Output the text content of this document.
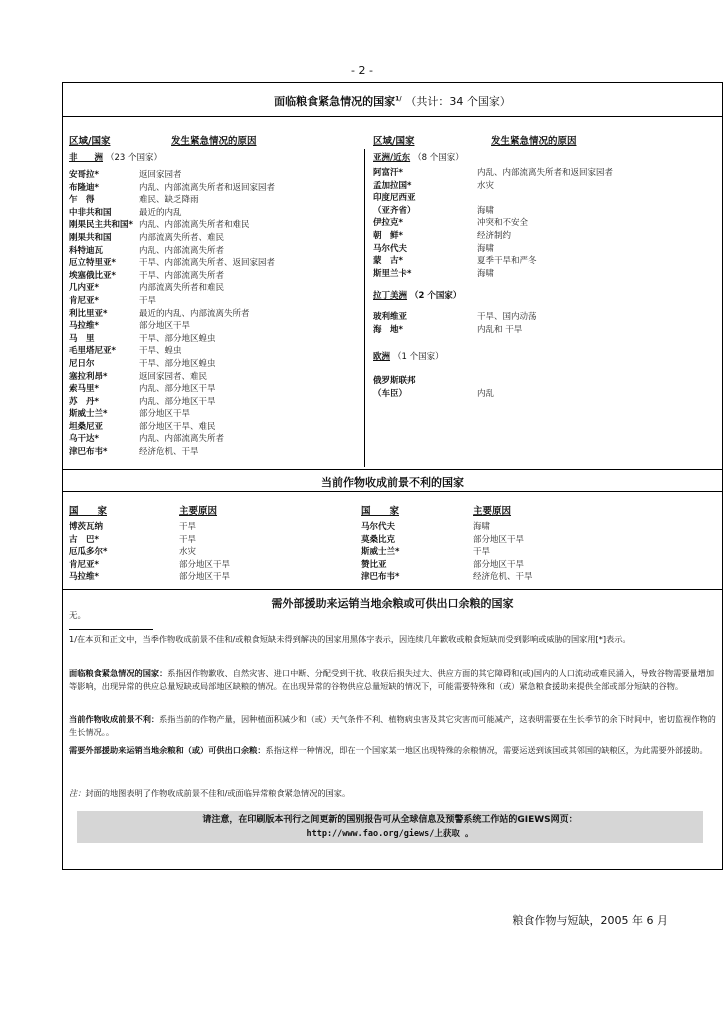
- 2 -
面临粮食紧急情况的国家$^{1/}$ （共计：34 个国家）
区域/国家	发生紧急情况的原因	区域/国家	发生紧急情况的原因
非　　洲 （23 个国家）
安哥拉*	返回家园者
布隆迪*	内乱、内部流离失所者和返回家园者
乍　得	难民、缺乏降雨
中非共和国	最近的内乱
刚果民主共和国* 内乱、内部流离失所者和难民
刚果共和国	内部流离失所者、难民
科特迪瓦	内乱、内部流离失所者
厄立特里亚*	干旱、内部流离失所者、返回家园者
埃塞俄比亚*	干旱、内部流离失所者
几内亚*	内部流离失所者和难民
肯尼亚*	干旱
利比里亚*	最近的内乱、内部流离失所者
马拉维*	部分地区干旱
马　里	干旱、部分地区蝗虫
毛里塔尼亚*	干旱、蝗虫
尼日尔	干旱、部分地区蝗虫
塞拉利昂*	返回家园者、难民
索马里*	内乱、部分地区干旱
苏　丹*	内乱、部分地区干旱
斯威士兰*	部分地区干旱
坦桑尼亚	部分地区干旱、难民
乌干达*	内乱、内部流离失所者
津巴布韦*	经济危机、干旱
亚洲/近东 （8 个国家）
阿富汗*	内乱、内部流离失所者和返回家园者
孟加拉国*	水灾
印度尼西亚
（亚齐省）	海啸
伊拉克*	冲突和不安全
朝　鲜*	经济制约
马尔代夫	海啸
蒙　古*	夏季干旱和严冬
斯里兰卡*	海啸
拉丁美洲 （2 个国家）
玻利维亚	干旱、国内动荡
海　地*	内乱和 干旱
欧洲 （1 个国家）
俄罗斯联邦
（车臣）	内乱
当前作物收成前景不利的国家
国　　家	主要原因	国　　家	主要原因
博茨瓦纳	干旱
古　巴*	干旱
厄瓜多尔*	水灾
肯尼亚*	部分地区干旱
马拉维*	部分地区干旱
马尔代夫	海啸
莫桑比克	部分地区干旱
斯威士兰*	干旱
赞比亚	部分地区干旱
津巴布韦*	经济危机、干旱
需外部援助来运销当地余粮或可供出口余粮的国家
无。
1/在本页和正文中，当季作物收成前景不佳和/或粮食短缺未得到解决的国家用黑体字表示，因连续几年歉收或粮食短缺而受到影响或威胁的国家用[*]表示。
面临粮食紧急情况的国家：系指因作物歉收、自然灾害、进口中断、分配受到干扰、收获后损失过大、供应方面的其它障碍和(或)国内的人口流动或难民涌入，导致谷物需要量增加等影响，出现异常的供应总量短缺或局部地区缺粮的情况。在出现异常的谷物供应总量短缺的情况下，可能需要特殊和（或）紧急粮食援助来提供全部或部分短缺的谷物。
当前作物收成前景不利：系指当前的作物产量，因种植面积减少和（或）天气条件不利、植物病虫害及其它灾害而可能减产，这表明需要在生长季节的余下时间中，密切监视作物的生长情况。。
需要外部援助来运销当地余粮和（或）可供出口余粮：系指这样一种情况，即在一个国家某一地区出现特殊的余粮情况，需要运送到该国或其邻国的缺粮区，为此需要外部援助。
注：封面的地图表明了作物收成前景不佳和/或面临异常粮食紧急情况的国家。
请注意，在印刷版本刊行之间更新的国别报告可从全球信息及预警系统工作站的GIEWS网页：
http://www.fao.org/giews/上获取 。
粮食作物与短缺，2005 年 6 月
